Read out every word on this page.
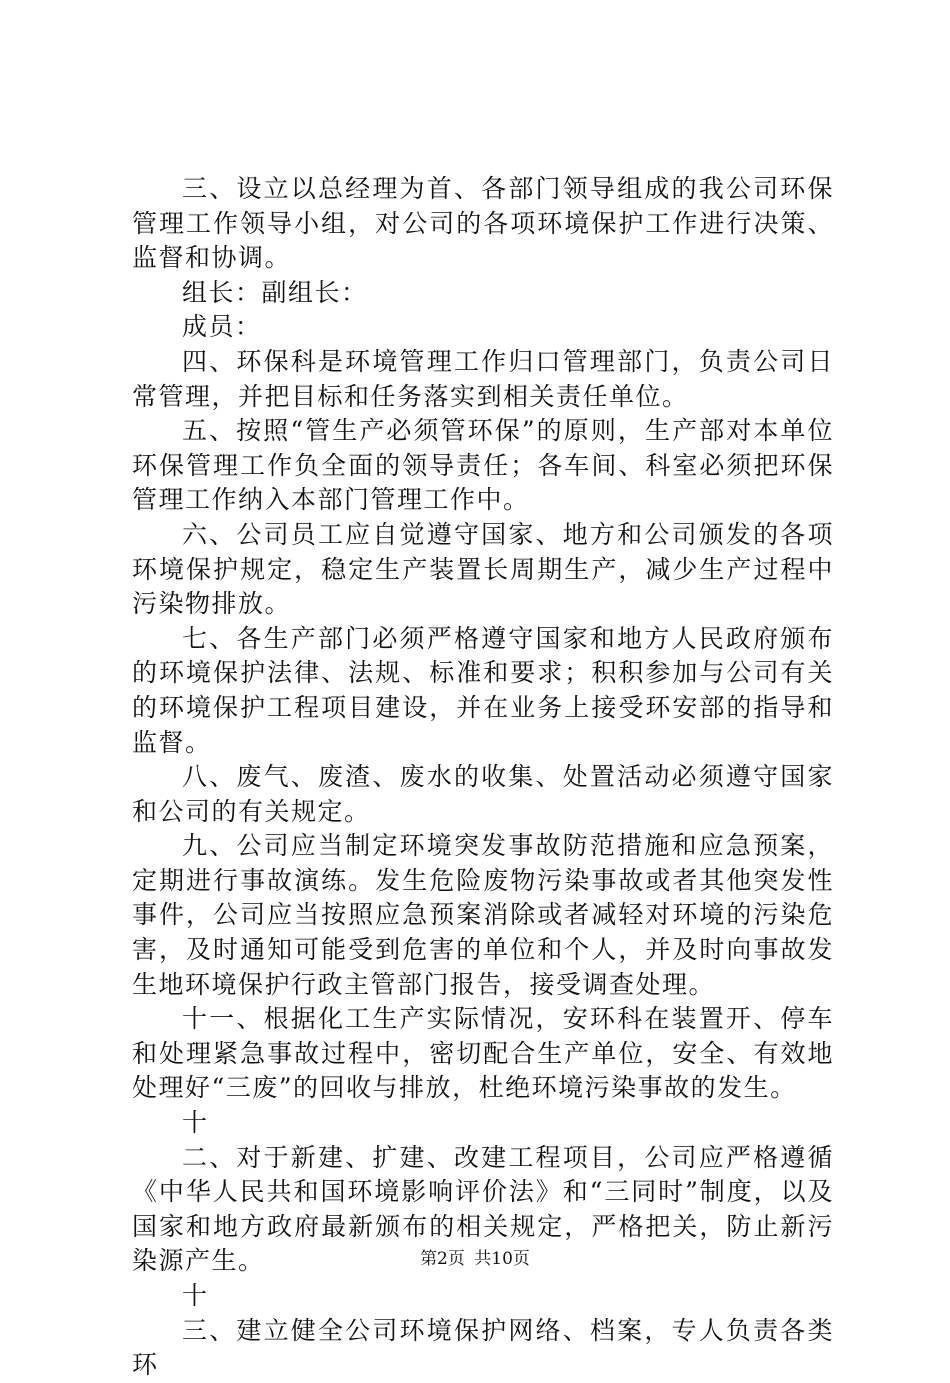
三、设立以总经理为首、各部门领导组成的我公司环保管理工作领导小组，对公司的各项环境保护工作进行决策、监督和协调。

组长：副组长：

成员：

四、环保科是环境管理工作归口管理部门，负责公司日常管理，并把目标和任务落实到相关责任单位。

五、按照“管生产必须管环保”的原则，生产部对本单位环保管理工作负全面的领导责任；各车间、科室必须把环保管理工作纳入本部门管理工作中。

六、公司员工应自觉遵守国家、地方和公司颁发的各项环境保护规定，稳定生产装置长周期生产，减少生产过程中污染物排放。

七、各生产部门必须严格遵守国家和地方人民政府颁布的环境保护法律、法规、标准和要求；积积参加与公司有关的环境保护工程项目建设，并在业务上接受环安部的指导和监督。

八、废气、废渣、废水的收集、处置活动必须遵守国家和公司的有关规定。

九、公司应当制定环境突发事故防范措施和应急预案，定期进行事故演练。发生危险废物污染事故或者其他突发性事件，公司应当按照应急预案消除或者减轻对环境的污染危害，及时通知可能受到危害的单位和个人，并及时向事故发生地环境保护行政主管部门报告，接受调查处理。

十一、根据化工生产实际情况，安环科在装置开、停车和处理紧急事故过程中，密切配合生产单位，安全、有效地处理好“三废”的回收与排放，杜绝环境污染事故的发生。

十

二、对于新建、扩建、改建工程项目，公司应严格遵循《中华人民共和国环境影响评价法》和“三同时”制度，以及国家和地方政府最新颁布的相关规定，严格把关，防止新污染源产生。

十

三、建立健全公司环境保护网络、档案，专人负责各类环

第2页 共10页
